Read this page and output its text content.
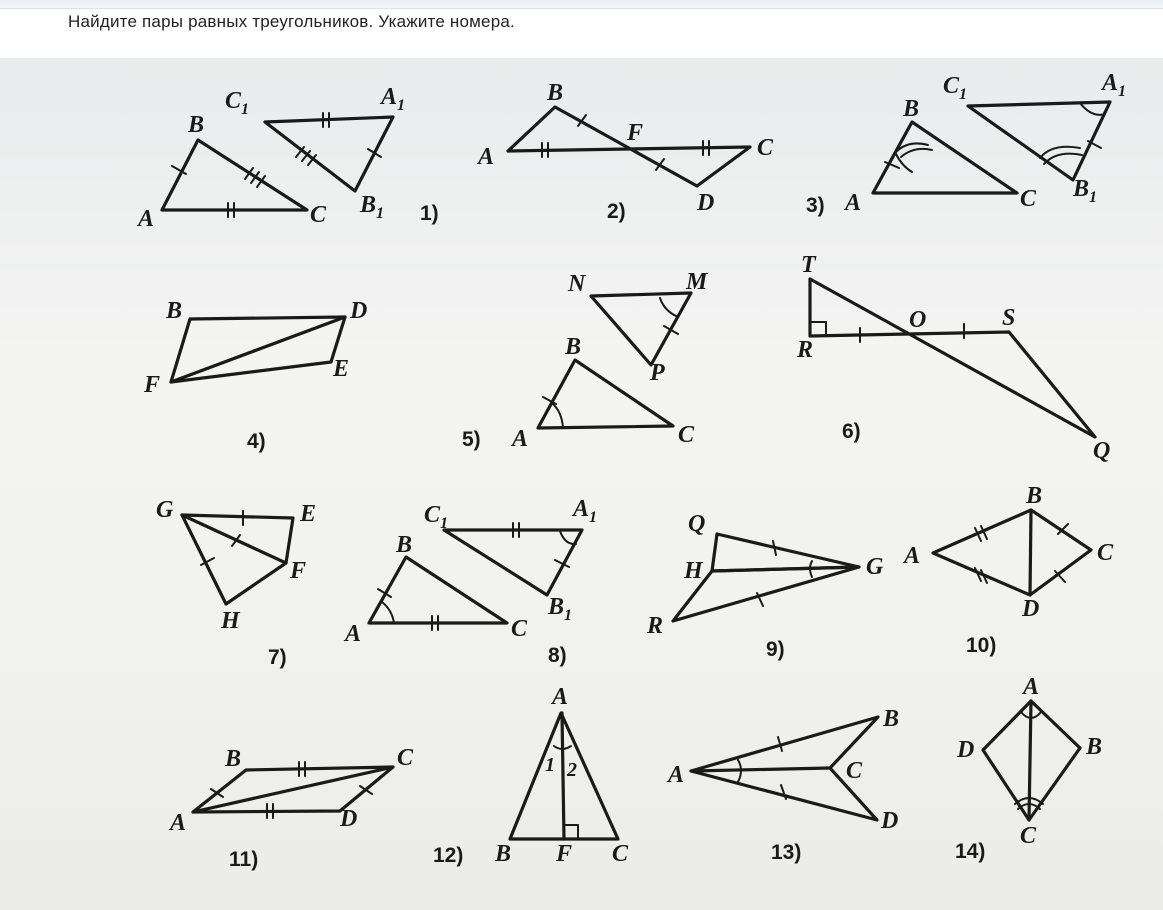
Найдите пары равных треугольников. Укажите номера.
A
B
C
$C_1$	$A_1$
$B_1$ 1)
A
B
F
C
D
2)	A
B
C
$C_1$	$A_1$
$B_1$
3)
B	D
F
E
4)
N	M
P
B
A	C
5)
T
R
O	S
Q
6)
G	E
F
H
7)
$C_1$
$A_1$
B
A	C
$B_1$
8)
Q
H	G
R
9)
A
B
C
D
10)
B	C
A	D
11)
A
1 2
B F C
12)
A
B
C
D
13)
A
D	B
C
14)
